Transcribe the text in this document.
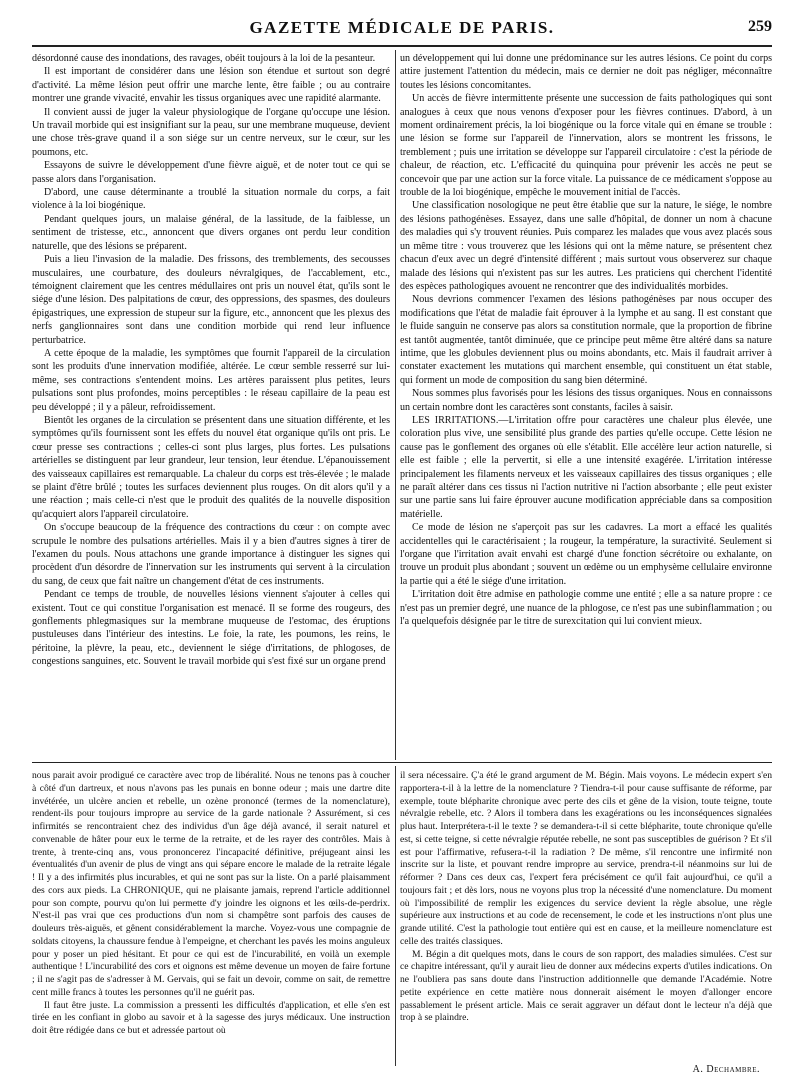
GAZETTE MÉDICALE DE PARIS.	259

désordonné cause des inondations, des ravages, obéit toujours à la loi de la pesanteur.

Il est important de considérer dans une lésion son étendue et surtout son degré d'activité. La même lésion peut offrir une marche lente, être faible ; ou au contraire montrer une grande vivacité, envahir les tissus organiques avec une rapidité alarmante.

Il convient aussi de juger la valeur physiologique de l'organe qu'occupe une lésion. Un travail morbide qui est insignifiant sur la peau, sur une membrane muqueuse, devient une chose très-grave quand il a son siége sur un centre nerveux, sur le cœur, sur les poumons, etc.

Essayons de suivre le développement d'une fièvre aiguë, et de noter tout ce qui se passe alors dans l'organisation.

D'abord, une cause déterminante a troublé la situation normale du corps, a fait violence à la loi biogénique.

Pendant quelques jours, un malaise général, de la lassitude, de la faiblesse, un sentiment de tristesse, etc., annoncent que divers organes ont perdu leur condition naturelle, que des lésions se préparent.

Puis a lieu l'invasion de la maladie. Des frissons, des tremblements, des secousses musculaires, une courbature, des douleurs névralgiques, de l'accablement, etc., témoignent clairement que les centres médullaires ont pris un nouvel état, qu'ils sont le siége d'une lésion. Des palpitations de cœur, des oppressions, des spasmes, des douleurs épigastriques, une expression de stupeur sur la figure, etc., annoncent que les plexus des nerfs ganglionnaires sont dans une condition morbide qui rend leur influence perturbatrice.

A cette époque de la maladie, les symptômes que fournit l'appareil de la circulation sont les produits d'une innervation modifiée, altérée. Le cœur semble resserré sur lui-même, ses contractions s'entendent moins. Les artères paraissent plus petites, leurs pulsations sont plus profondes, moins perceptibles : le réseau capillaire de la peau est peu développé ; il y a pâleur, refroidissement.

Bientôt les organes de la circulation se présentent dans une situation différente, et les symptômes qu'ils fournissent sont les effets du nouvel état organique qu'ils ont pris. Le cœur presse ses contractions ; celles-ci sont plus larges, plus fortes. Les pulsations artérielles se distinguent par leur grandeur, leur tension, leur étendue. L'épanouissement des vaisseaux capillaires est remarquable. La chaleur du corps est très-élevée ; le malade se plaint d'être brûlé ; toutes les surfaces deviennent plus rouges. On dit alors qu'il y a une réaction ; mais celle-ci n'est que le produit des qualités de la nouvelle disposition qu'acquiert alors l'appareil circulatoire.

On s'occupe beaucoup de la fréquence des contractions du cœur : on compte avec scrupule le nombre des pulsations artérielles. Mais il y a bien d'autres signes à tirer de l'examen du pouls. Nous attachons une grande importance à distinguer les signes qui procèdent d'un désordre de l'innervation sur les instruments qui servent à la circulation du sang, de ceux que fait naître un changement d'état de ces instruments.

Pendant ce temps de trouble, de nouvelles lésions viennent s'ajouter à celles qui existent. Tout ce qui constitue l'organisation est menacé. Il se forme des rougeurs, des gonflements phlegmasiques sur la membrane muqueuse de l'estomac, des éruptions pustuleuses dans l'intérieur des intestins. Le foie, la rate, les poumons, les reins, le péritoine, la plèvre, la peau, etc., deviennent le siége d'irritations, de phlogoses, de congestions sanguines, etc. Souvent le travail morbide qui s'est fixé sur un organe prend

un développement qui lui donne une prédominance sur les autres lésions. Ce point du corps attire justement l'attention du médecin, mais ce dernier ne doit pas négliger, méconnaître toutes les lésions concomitantes.

Un accès de fièvre intermittente présente une succession de faits pathologiques qui sont analogues à ceux que nous venons d'exposer pour les fièvres continues. D'abord, à un moment ordinairement précis, la loi biogénique ou la force vitale qui en émane se trouble : une lésion se forme sur l'appareil de l'innervation, alors se montrent les frissons, le tremblement ; puis une irritation se développe sur l'appareil circulatoire : c'est la période de chaleur, de réaction, etc. L'efficacité du quinquina pour prévenir les accès ne peut se concevoir que par une action sur la force vitale. La puissance de ce médicament s'oppose au trouble de la loi biogénique, empêche le mouvement initial de l'accès.

Une classification nosologique ne peut être établie que sur la nature, le siége, le nombre des lésions pathogénèses. Essayez, dans une salle d'hôpital, de donner un nom à chacune des maladies qui s'y trouvent réunies. Puis comparez les malades que vous avez placés sous un même titre : vous trouverez que les lésions qui ont la même nature, se présentent chez chacun d'eux avec un degré d'intensité différent ; mais surtout vous observerez sur chaque malade des lésions qui n'existent pas sur les autres. Les praticiens qui cherchent l'identité des espèces pathologiques avouent ne rencontrer que des individualités morbides.

Nous devrions commencer l'examen des lésions pathogénèses par nous occuper des modifications que l'état de maladie fait éprouver à la lymphe et au sang. Il est constant que le fluide sanguin ne conserve pas alors sa constitution normale, que la proportion de fibrine est tantôt augmentée, tantôt diminuée, que ce principe peut même être altéré dans sa nature intime, que les globules deviennent plus ou moins abondants, etc. Mais il faudrait arriver à constater exactement les mutations qui marchent ensemble, qui constituent un état stable, qui forment un mode de composition du sang bien déterminé.

Nous sommes plus favorisés pour les lésions des tissus organiques. Nous en connaissons un certain nombre dont les caractères sont constants, faciles à saisir.

LES IRRITATIONS.—L'irritation offre pour caractères une chaleur plus élevée, une coloration plus vive, une sensibilité plus grande des parties qu'elle occupe. Cette lésion ne cause pas le gonflement des organes où elle s'établit. Elle accélère leur action naturelle, si elle est faible ; elle la pervertit, si elle a une intensité exagérée. L'irritation intéresse principalement les filaments nerveux et les vaisseaux capillaires des tissus organiques ; elle ne paraît altérer dans ces tissus ni l'action nutritive ni l'action absorbante ; elle peut exister sur une partie sans lui faire éprouver aucune modification appréciable dans sa composition matérielle.

Ce mode de lésion ne s'aperçoit pas sur les cadavres. La mort a effacé les qualités accidentelles qui le caractérisaient ; la rougeur, la température, la suractivité. Seulement si l'organe que l'irritation avait envahi est chargé d'une fonction sécrétoire ou exhalante, on trouve un produit plus abondant ; souvent un œdème ou un emphysème cellulaire environne la partie qui a été le siége d'une irritation.

L'irritation doit être admise en pathologie comme une entité ; elle a sa nature propre : ce n'est pas un premier degré, une nuance de la phlogose, ce n'est pas une subinflammation ; ou l'a quelquefois désignée par le titre de surexcitation qui lui convient mieux.

nous parait avoir prodigué ce caractère avec trop de libéralité. Nous ne tenons pas à coucher à côté d'un dartreux, et nous n'avons pas les punais en bonne odeur ; mais une dartre dite invétérée, un ulcère ancien et rebelle, un ozène prononcé (termes de la nomenclature), rendent-ils pour toujours impropre au service de la garde nationale ? Assurément, si ces infirmités se rencontraient chez des individus d'un âge déjà avancé, il serait naturel et convenable de hâter pour eux le terme de la retraite, et de les rayer des contrôles. Mais à trente, à trente-cinq ans, vous prononcerez l'incapacité définitive, préjugeant ainsi les éventualités d'un avenir de plus de vingt ans qui sépare encore le malade de la retraite légale ! Il y a des infirmités plus incurables, et qui ne sont pas sur la liste. On a parlé plaisamment des cors aux pieds. La CHRONIQUE, qui ne plaisante jamais, reprend l'article additionnel pour son compte, pourvu qu'on lui permette d'y joindre les oignons et les œils-de-perdrix. N'est-il pas vrai que ces productions d'un nom si champêtre sont parfois des causes de douleurs très-aiguës, et gênent considérablement la marche. Voyez-vous une compagnie de soldats citoyens, la chaussure fendue à l'empeigne, et cherchant les pavés les moins anguleux pour y poser un pied hésitant. Et pour ce qui est de l'incurabilité, en voilà un exemple authentique ! L'incurabilité des cors et oignons est même devenue un moyen de faire fortune ; il ne s'agit pas de s'adresser à M. Gervais, qui se fait un devoir, comme on sait, de remettre cent mille francs à toutes les personnes qu'il ne guérit pas.

Il faut être juste. La commission a pressenti les difficultés d'application, et elle s'en est tirée en les confiant in globo au savoir et à la sagesse des jurys médicaux. Une instruction doit être rédigée dans ce but et adressée partout où

il sera nécessaire. Ç'a été le grand argument de M. Bégin. Mais voyons. Le médecin expert s'en rapportera-t-il à la lettre de la nomenclature ? Tiendra-t-il pour cause suffisante de réforme, par exemple, toute blépharite chronique avec perte des cils et gêne de la vision, toute teigne, toute névralgie rebelle, etc. ? Alors il tombera dans les exagérations ou les inconséquences signalées plus haut. Interprétera-t-il le texte ? se demandera-t-il si cette blépharite, toute chronique qu'elle est, si cette teigne, si cette névralgie réputée rebelle, ne sont pas susceptibles de guérison ? Et s'il est pour l'affirmative, refusera-t-il la radiation ? De même, s'il rencontre une infirmité non inscrite sur la liste, et pouvant rendre impropre au service, prendra-t-il néanmoins sur lui de réformer ? Dans ces deux cas, l'expert fera précisément ce qu'il fait aujourd'hui, ce qu'il a toujours fait ; et dès lors, nous ne voyons plus trop la nécessité d'une nomenclature. Du moment où l'impossibilité de remplir les exigences du service devient la règle absolue, une règle supérieure aux instructions et au code de recensement, le code et les instructions n'ont plus une grande utilité. C'est la pathologie tout entière qui est en cause, et la meilleure nomenclature est celle des traités classiques.

M. Bégin a dit quelques mots, dans le cours de son rapport, des maladies simulées. C'est sur ce chapitre intéressant, qu'il y aurait lieu de donner aux médecins experts d'utiles indications. On ne l'oubliera pas sans doute dans l'instruction additionnelle que demande l'Académie. Notre petite expérience en cette matière nous donnerait aisément le moyen d'allonger encore passablement le présent article. Mais ce serait aggraver un défaut dont le lecteur n'a déjà que trop à se plaindre.

A. Dechambre.
